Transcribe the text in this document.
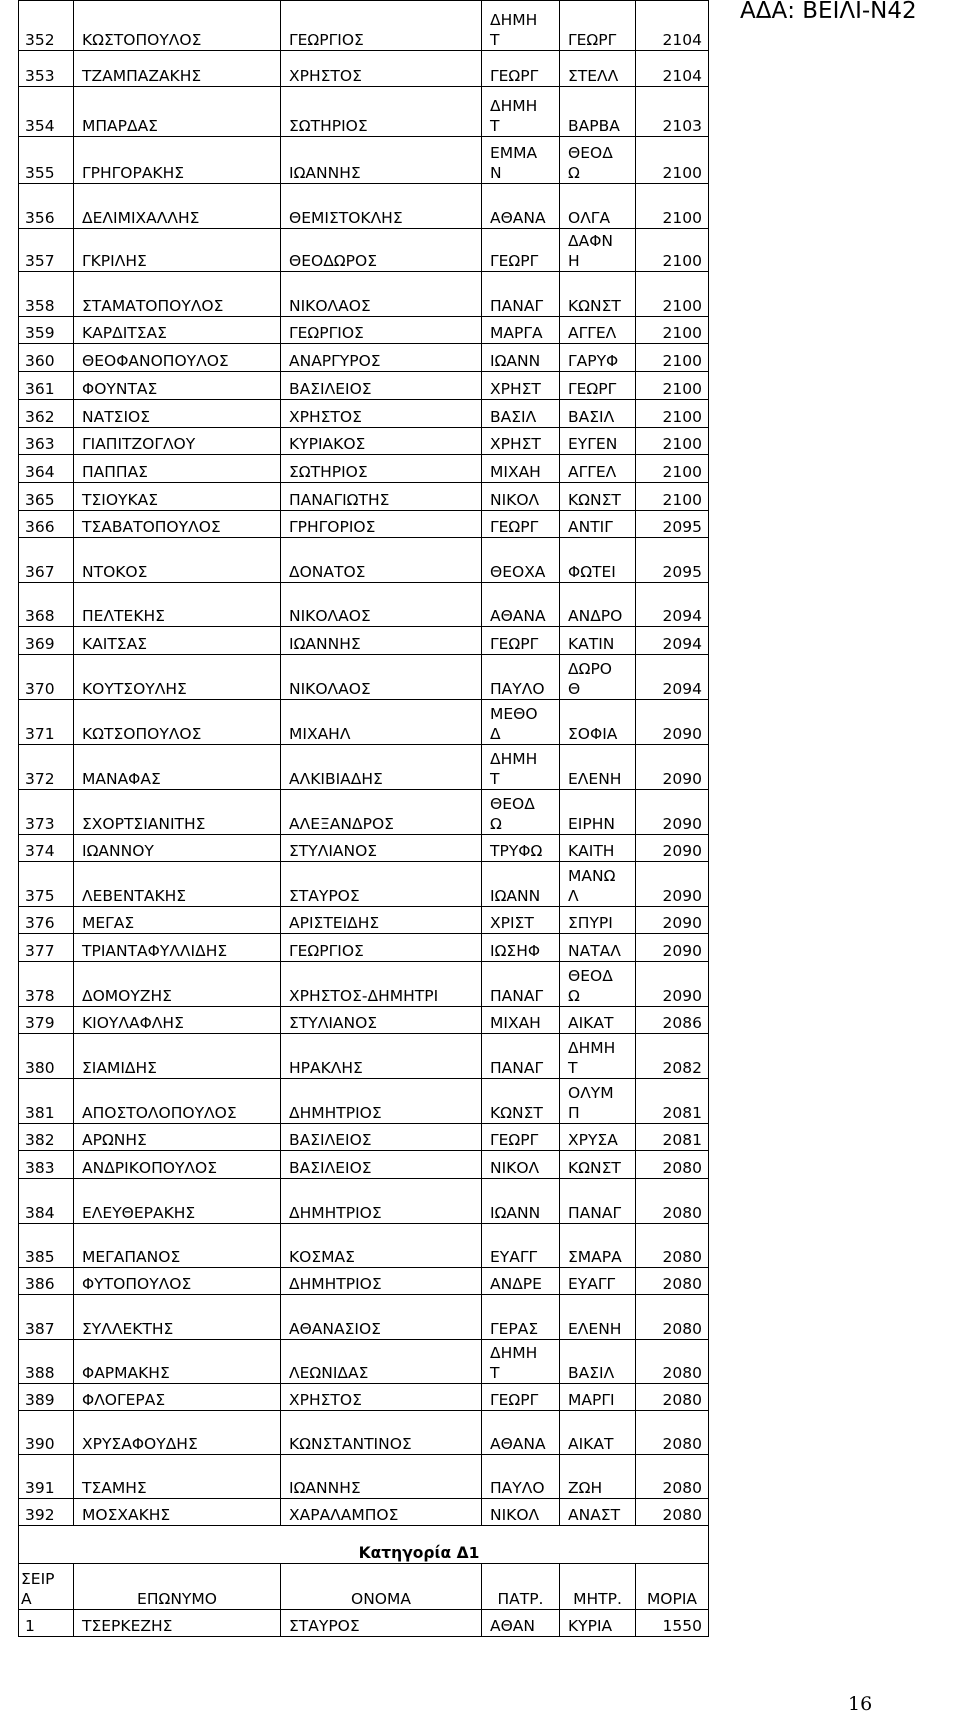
ΑΔΑ: ΒΕΙΛΙ-Ν42
352	ΚΩΣΤΟΠΟΥΛΟΣ	ΓΕΩΡΓΙΟΣ	ΔΗΜΗΤ	ΓΕΩΡΓ	2104
353	ΤΖΑΜΠΑΖΑΚΗΣ	ΧΡΗΣΤΟΣ	ΓΕΩΡΓ	ΣΤΕΛΛ	2104
354	ΜΠΑΡΔΑΣ	ΣΩΤΗΡΙΟΣ	ΔΗΜΗΤ	ΒΑΡΒΑ	2103
355	ΓΡΗΓΟΡΑΚΗΣ	ΙΩΑΝΝΗΣ	ΕΜΜΑΝ	ΘΕΟΔΩ	2100
356	ΔΕΛΙΜΙΧΑΛΛΗΣ	ΘΕΜΙΣΤΟΚΛΗΣ	ΑΘΑΝΑ	ΟΛΓΑ	2100
357	ΓΚΡΙΛΗΣ	ΘΕΟΔΩΡΟΣ	ΓΕΩΡΓ	ΔΑΦΝΗ	2100
358	ΣΤΑΜΑΤΟΠΟΥΛΟΣ	ΝΙΚΟΛΑΟΣ	ΠΑΝΑΓ	ΚΩΝΣΤ	2100
359	ΚΑΡΔΙΤΣΑΣ	ΓΕΩΡΓΙΟΣ	ΜΑΡΓΑ	ΑΓΓΕΛ	2100
360	ΘΕΟΦΑΝΟΠΟΥΛΟΣ	ΑΝΑΡΓΥΡΟΣ	ΙΩΑΝΝ	ΓΑΡΥΦ	2100
361	ΦΟΥΝΤΑΣ	ΒΑΣΙΛΕΙΟΣ	ΧΡΗΣΤ	ΓΕΩΡΓ	2100
362	ΝΑΤΣΙΟΣ	ΧΡΗΣΤΟΣ	ΒΑΣΙΛ	ΒΑΣΙΛ	2100
363	ΓΙΑΠΙΤΖΟΓΛΟΥ	ΚΥΡΙΑΚΟΣ	ΧΡΗΣΤ	ΕΥΓΕΝ	2100
364	ΠΑΠΠΑΣ	ΣΩΤΗΡΙΟΣ	ΜΙΧΑΗ	ΑΓΓΕΛ	2100
365	ΤΣΙΟΥΚΑΣ	ΠΑΝΑΓΙΩΤΗΣ	ΝΙΚΟΛ	ΚΩΝΣΤ	2100
366	ΤΣΑΒΑΤΟΠΟΥΛΟΣ	ΓΡΗΓΟΡΙΟΣ	ΓΕΩΡΓ	ΑΝΤΙΓ	2095
367	ΝΤΟΚΟΣ	ΔΟΝΑΤΟΣ	ΘΕΟΧΑ	ΦΩΤΕΙ	2095
368	ΠΕΛΤΕΚΗΣ	ΝΙΚΟΛΑΟΣ	ΑΘΑΝΑ	ΑΝΔΡΟ	2094
369	ΚΑΙΤΣΑΣ	ΙΩΑΝΝΗΣ	ΓΕΩΡΓ	ΚΑΤΙΝ	2094
370	ΚΟΥΤΣΟΥΛΗΣ	ΝΙΚΟΛΑΟΣ	ΠΑΥΛΟ	ΔΩΡΟΘ	2094
371	ΚΩΤΣΟΠΟΥΛΟΣ	ΜΙΧΑΗΛ	ΜΕΘΟΔ	ΣΟΦΙΑ	2090
372	ΜΑΝΑΦΑΣ	ΑΛΚΙΒΙΑΔΗΣ	ΔΗΜΗΤ	ΕΛΕΝΗ	2090
373	ΣΧΟΡΤΣΙΑΝΙΤΗΣ	ΑΛΕΞΑΝΔΡΟΣ	ΘΕΟΔΩ	ΕΙΡΗΝ	2090
374	ΙΩΑΝΝΟΥ	ΣΤΥΛΙΑΝΟΣ	ΤΡΥΦΩ	ΚΑΙΤΗ	2090
375	ΛΕΒΕΝΤΑΚΗΣ	ΣΤΑΥΡΟΣ	ΙΩΑΝΝ	ΜΑΝΩΛ	2090
376	ΜΕΓΑΣ	ΑΡΙΣΤΕΙΔΗΣ	ΧΡΙΣΤ	ΣΠΥΡΙ	2090
377	ΤΡΙΑΝΤΑΦΥΛΛΙΔΗΣ	ΓΕΩΡΓΙΟΣ	ΙΩΣΗΦ	ΝΑΤΑΛ	2090
378	ΔΟΜΟΥΖΗΣ	ΧΡΗΣΤΟΣ-ΔΗΜΗΤΡΙ	ΠΑΝΑΓ	ΘΕΟΔΩ	2090
379	ΚΙΟΥΛΑΦΛΗΣ	ΣΤΥΛΙΑΝΟΣ	ΜΙΧΑΗ	ΑΙΚΑΤ	2086
380	ΣΙΑΜΙΔΗΣ	ΗΡΑΚΛΗΣ	ΠΑΝΑΓ	ΔΗΜΗΤ	2082
381	ΑΠΟΣΤΟΛΟΠΟΥΛΟΣ	ΔΗΜΗΤΡΙΟΣ	ΚΩΝΣΤ	ΟΛΥΜΠ	2081
382	ΑΡΩΝΗΣ	ΒΑΣΙΛΕΙΟΣ	ΓΕΩΡΓ	ΧΡΥΣΑ	2081
383	ΑΝΔΡΙΚΟΠΟΥΛΟΣ	ΒΑΣΙΛΕΙΟΣ	ΝΙΚΟΛ	ΚΩΝΣΤ	2080
384	ΕΛΕΥΘΕΡΑΚΗΣ	ΔΗΜΗΤΡΙΟΣ	ΙΩΑΝΝ	ΠΑΝΑΓ	2080
385	ΜΕΓΑΠΑΝΟΣ	ΚΟΣΜΑΣ	ΕΥΑΓΓ	ΣΜΑΡΑ	2080
386	ΦΥΤΟΠΟΥΛΟΣ	ΔΗΜΗΤΡΙΟΣ	ΑΝΔΡΕ	ΕΥΑΓΓ	2080
387	ΣΥΛΛΕΚΤΗΣ	ΑΘΑΝΑΣΙΟΣ	ΓΕΡΑΣ	ΕΛΕΝΗ	2080
388	ΦΑΡΜΑΚΗΣ	ΛΕΩΝΙΔΑΣ	ΔΗΜΗΤ	ΒΑΣΙΛ	2080
389	ΦΛΟΓΕΡΑΣ	ΧΡΗΣΤΟΣ	ΓΕΩΡΓ	ΜΑΡΓΙ	2080
390	ΧΡΥΣΑΦΟΥΔΗΣ	ΚΩΝΣΤΑΝΤΙΝΟΣ	ΑΘΑΝΑ	ΑΙΚΑΤ	2080
391	ΤΣΑΜΗΣ	ΙΩΑΝΝΗΣ	ΠΑΥΛΟ	ΖΩΗ	2080
392	ΜΟΣΧΑΚΗΣ	ΧΑΡΑΛΑΜΠΟΣ	ΝΙΚΟΛ	ΑΝΑΣΤ	2080
		Κατηγορία Δ1			

ΣΕΙΡΑ	ΕΠΩΝΥΜΟ	ΟΝΟΜΑ	ΠΑΤΡ.	ΜΗΤΡ.	ΜΟΡΙΑ
1	ΤΣΕΡΚΕΖΗΣ	ΣΤΑΥΡΟΣ	ΑΘΑΝ	ΚΥΡΙΑ	1550
16
